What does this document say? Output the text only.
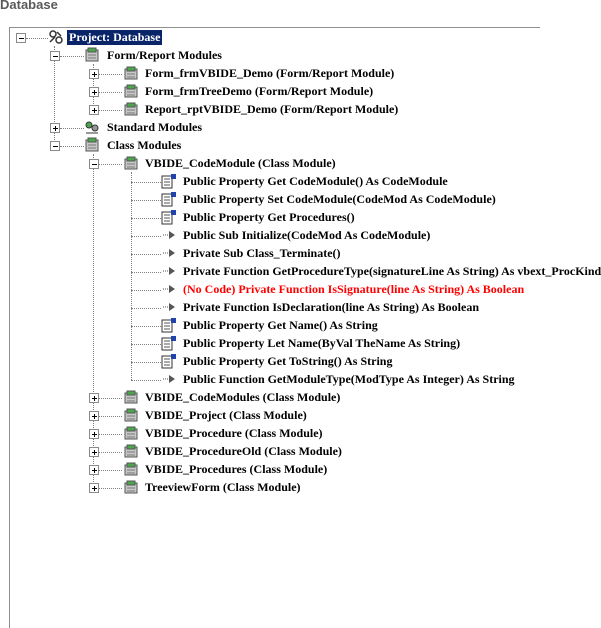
Database
Project: Database
Form/Report Modules
Form_frmVBIDE_Demo (Form/Report Module)
Form_frmTreeDemo (Form/Report Module)
Report_rptVBIDE_Demo (Form/Report Module)
Standard Modules
Class Modules
VBIDE_CodeModule (Class Module)
Public Property Get CodeModule() As CodeModule
Public Property Set CodeModule(CodeMod As CodeModule)
Public Property Get Procedures()
Public Sub Initialize(CodeMod As CodeModule)
Private Sub Class_Terminate()
Private Function GetProcedureType(signatureLine As String) As vbext_ProcKind
(No Code) Private Function IsSignature(line As String) As Boolean
Private Function IsDeclaration(line As String) As Boolean
Public Property Get Name() As String
Public Property Let Name(ByVal TheName As String)
Public Property Get ToString() As String
Public Function GetModuleType(ModType As Integer) As String
VBIDE_CodeModules (Class Module)
VBIDE_Project (Class Module)
VBIDE_Procedure (Class Module)
VBIDE_ProcedureOld (Class Module)
VBIDE_Procedures (Class Module)
TreeviewForm (Class Module)
